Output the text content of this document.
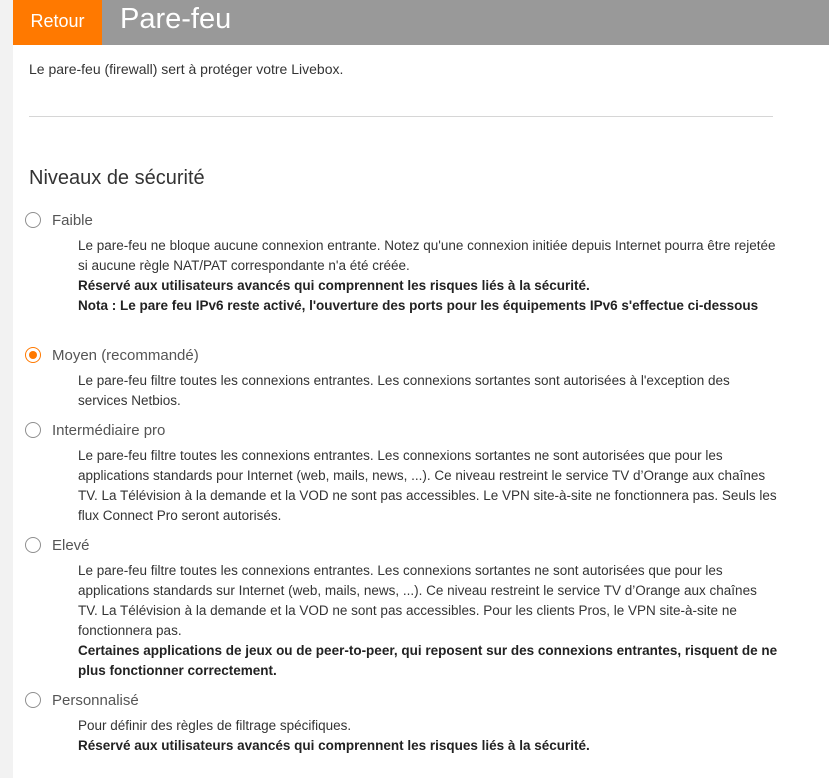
Retour	Pare-feu
Le pare-feu (firewall) sert à protéger votre Livebox.
Niveaux de sécurité
Faible

Le pare-feu ne bloque aucune connexion entrante. Notez qu'une connexion initiée depuis Internet pourra être rejetée si aucune règle NAT/PAT correspondante n'a été créée.

Réservé aux utilisateurs avancés qui comprennent les risques liés à la sécurité.

Nota : Le pare feu IPv6 reste activé, l'ouverture des ports pour les équipements IPv6 s'effectue ci-dessous

Moyen (recommandé)

Le pare-feu filtre toutes les connexions entrantes. Les connexions sortantes sont autorisées à l'exception des services Netbios.

Intermédiaire pro

Le pare-feu filtre toutes les connexions entrantes. Les connexions sortantes ne sont autorisées que pour les applications standards pour Internet (web, mails, news, ...). Ce niveau restreint le service TV d’Orange aux chaînes TV. La Télévision à la demande et la VOD ne sont pas accessibles. Le VPN site-à-site ne fonctionnera pas. Seuls les flux Connect Pro seront autorisés.

Elevé

Le pare-feu filtre toutes les connexions entrantes. Les connexions sortantes ne sont autorisées que pour les applications standards sur Internet (web, mails, news, ...). Ce niveau restreint le service TV d’Orange aux chaînes TV. La Télévision à la demande et la VOD ne sont pas accessibles. Pour les clients Pros, le VPN site-à-site ne fonctionnera pas.

Certaines applications de jeux ou de peer-to-peer, qui reposent sur des connexions entrantes, risquent de ne plus fonctionner correctement.

Personnalisé

Pour définir des règles de filtrage spécifiques.

Réservé aux utilisateurs avancés qui comprennent les risques liés à la sécurité.
